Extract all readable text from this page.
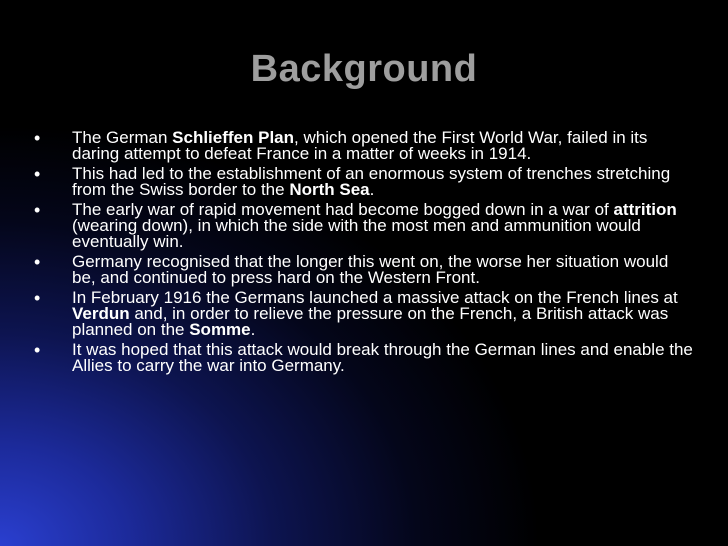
Background
• The German Schlieffen Plan, which opened the First World War, failed in its daring attempt to defeat France in a matter of weeks in 1914.
• This had led to the establishment of an enormous system of trenches stretching from the Swiss border to the North Sea.
• The early war of rapid movement had become bogged down in a war of attrition (wearing down), in which the side with the most men and ammunition would eventually win.
• Germany recognised that the longer this went on, the worse her situation would be, and continued to press hard on the Western Front.
• In February 1916 the Germans launched a massive attack on the French lines at Verdun and, in order to relieve the pressure on the French, a British attack was planned on the Somme.
• It was hoped that this attack would break through the German lines and enable the Allies to carry the war into Germany.
